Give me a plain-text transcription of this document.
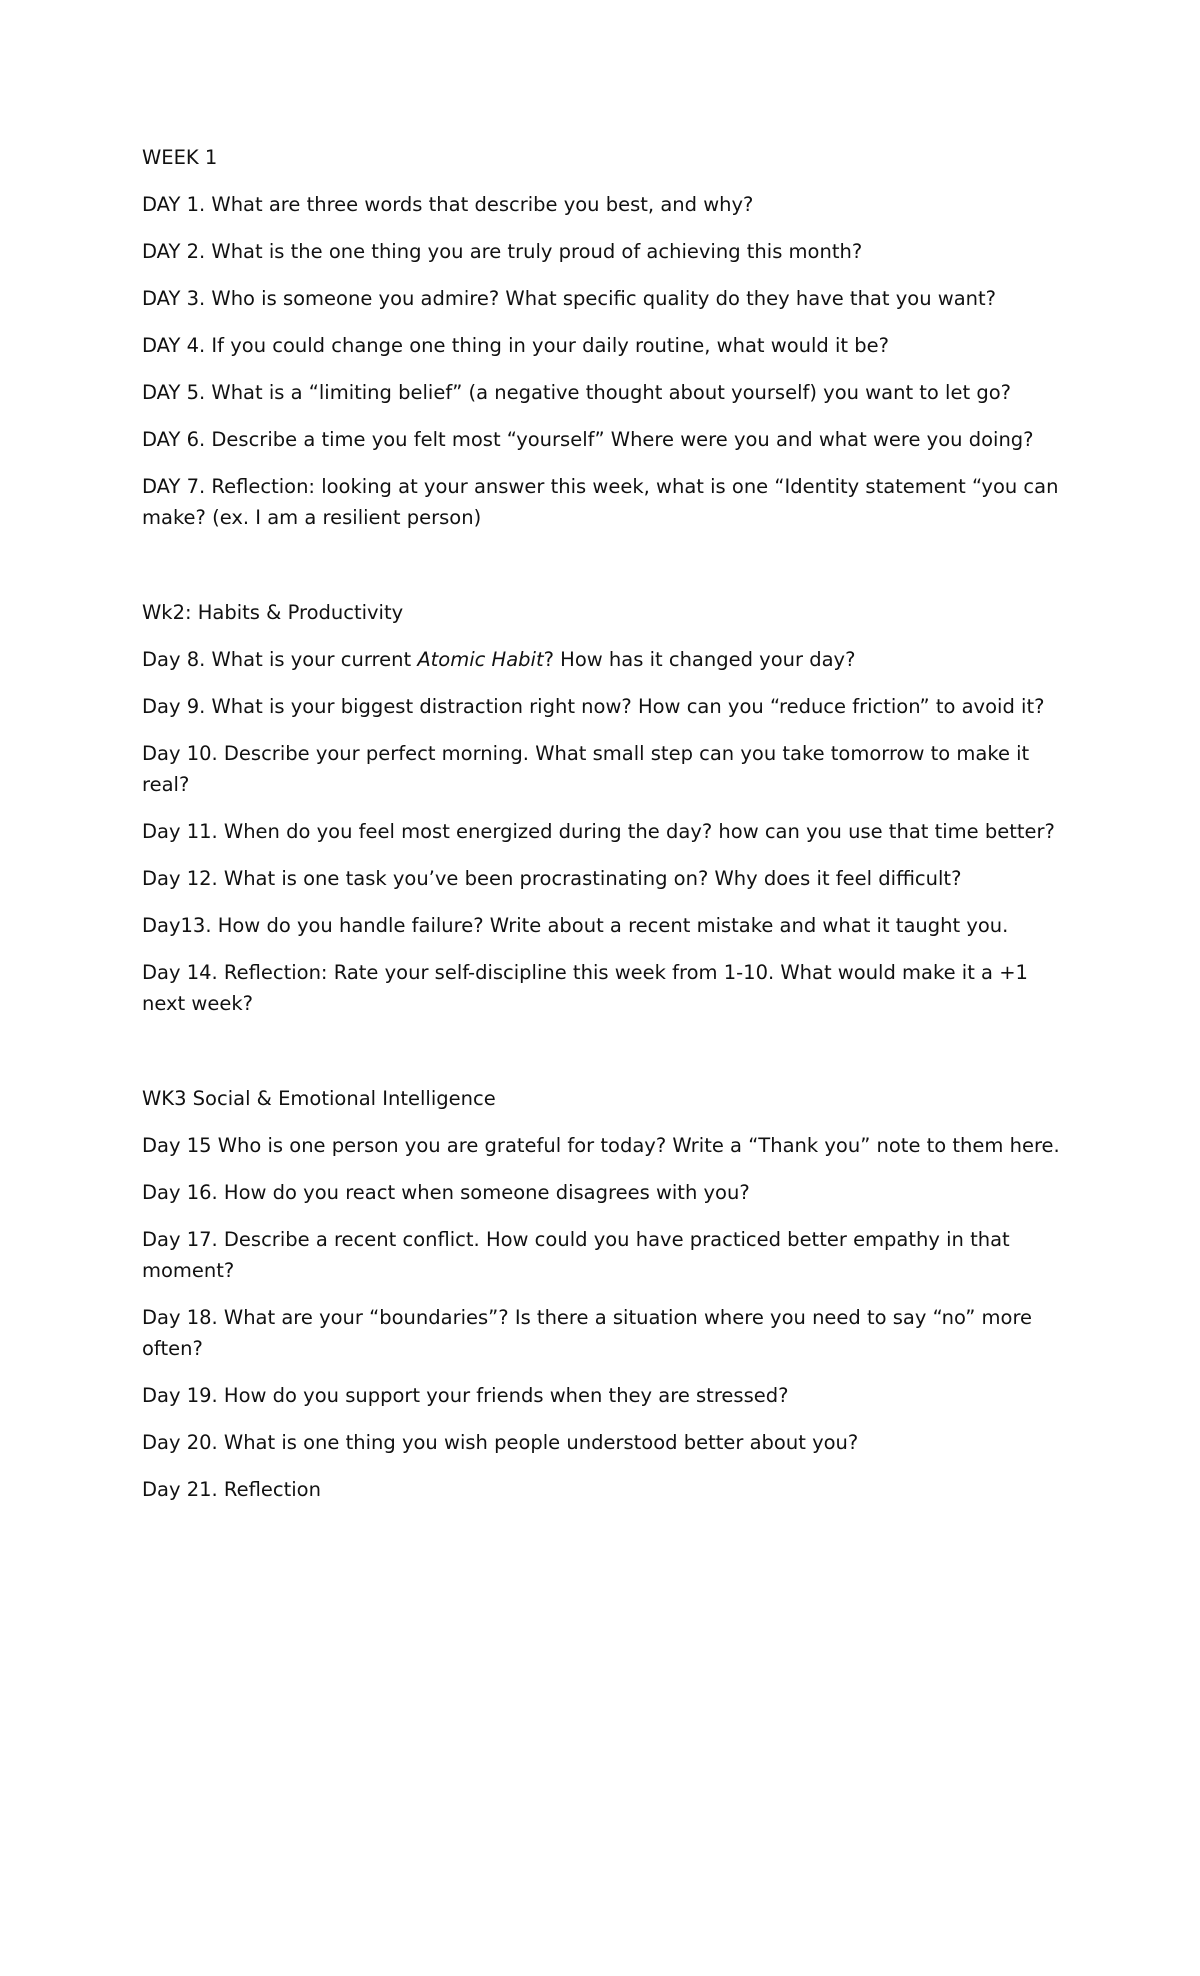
WEEK 1
DAY 1. What are three words that describe you best, and why?
DAY 2. What is the one thing you are truly proud of achieving this month?
DAY 3. Who is someone you admire? What specific quality do they have that you want?
DAY 4. If you could change one thing in your daily routine, what would it be?
DAY 5. What is a “limiting belief” (a negative thought about yourself) you want to let go?
DAY 6. Describe a time you felt most “yourself” Where were you and what were you doing?
DAY 7. Reflection: looking at your answer this week, what is one “Identity statement “you can make? (ex. I am a resilient person)
Wk2: Habits & Productivity
Day 8. What is your current Atomic Habit? How has it changed your day?
Day 9. What is your biggest distraction right now? How can you “reduce friction” to avoid it?
Day 10. Describe your perfect morning. What small step can you take tomorrow to make it real?
Day 11. When do you feel most energized during the day? how can you use that time better?
Day 12. What is one task you’ve been procrastinating on? Why does it feel difficult?
Day13. How do you handle failure? Write about a recent mistake and what it taught you.
Day 14. Reflection: Rate your self-discipline this week from 1-10. What would make it a +1 next week?
WK3 Social & Emotional Intelligence
Day 15 Who is one person you are grateful for today? Write a “Thank you” note to them here.
Day 16. How do you react when someone disagrees with you?
Day 17. Describe a recent conflict. How could you have practiced better empathy in that moment?
Day 18. What are your “boundaries”? Is there a situation where you need to say “no” more often?
Day 19. How do you support your friends when they are stressed?
Day 20. What is one thing you wish people understood better about you?
Day 21. Reflection
